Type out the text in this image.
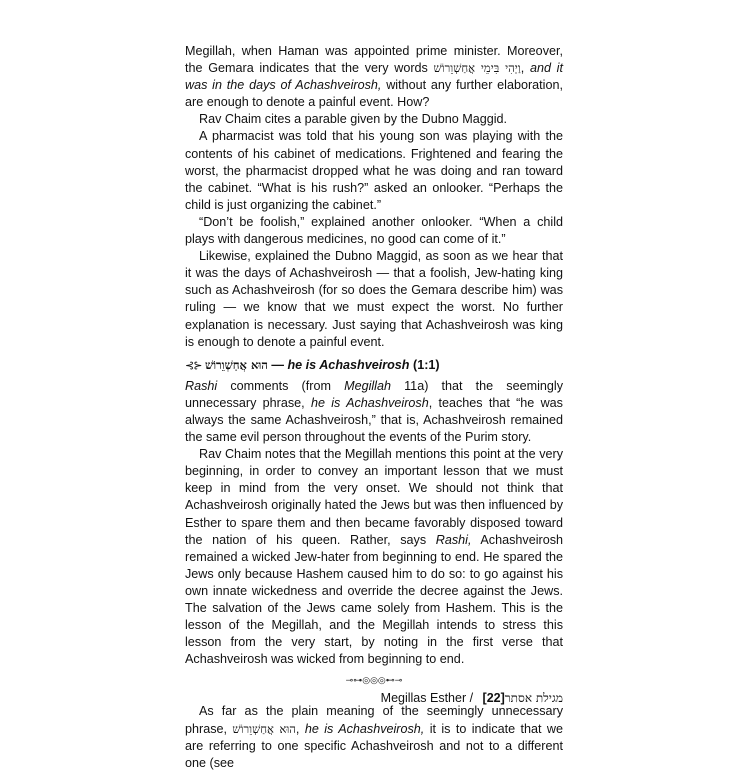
Megillah, when Haman was appointed prime minister. Moreover, the Gemara indicates that the very words וַיְהִי בִּימֵי אֲחַשְׁוֵרוֹשׁ, and it was in the days of Achashveirosh, without any further elaboration, are enough to denote a painful event. How?

Rav Chaim cites a parable given by the Dubno Maggid.

A pharmacist was told that his young son was playing with the contents of his cabinet of medications. Frightened and fearing the worst, the pharmacist dropped what he was doing and ran toward the cabinet. “What is his rush?” asked an onlooker. “Perhaps the child is just organizing the cabinet.”

“Don’t be foolish,” explained another onlooker. “When a child plays with dangerous medicines, no good can come of it.”

Likewise, explained the Dubno Maggid, as soon as we hear that it was the days of Achashveirosh — that a foolish, Jew-hating king such as Achashveirosh (for so does the Gemara describe him) was ruling — we know that we must expect the worst. No further explanation is necessary. Just saying that Achashveirosh was king is enough to denote a painful event.

⊰⊱ הוּא אֲחַשְׁוֵרוֹשׁ — he is Achashveirosh (1:1)

Rashi comments (from Megillah 11a) that the seemingly unnecessary phrase, he is Achashveirosh, teaches that “he was always the same Achashveirosh,” that is, Achashveirosh remained the same evil person throughout the events of the Purim story.

Rav Chaim notes that the Megillah mentions this point at the very beginning, in order to convey an important lesson that we must keep in mind from the very onset. We should not think that Achashveirosh originally hated the Jews but was then influenced by Esther to spare them and then became favorably disposed toward the nation of his queen. Rather, says Rashi, Achashveirosh remained a wicked Jew-hater from beginning to end. He spared the Jews only because Hashem caused him to do so: to go against his own innate wickedness and override the decree against the Jews. The salvation of the Jews came solely from Hashem. This is the lesson of the Megillah, and the Megillah intends to stress this lesson from the very start, by noting in the first verse that Achashveirosh was wicked from beginning to end.

⊸⊶◎◎◎⊷⊸

As far as the plain meaning of the seemingly unnecessary phrase, הוּא אֲחַשְׁוֵרוֹשׁ, he is Achashveirosh, it is to indicate that we are referring to one specific Achashveirosh and not to a different one (see

Megillas Esther / מגילת אסתר[22]
